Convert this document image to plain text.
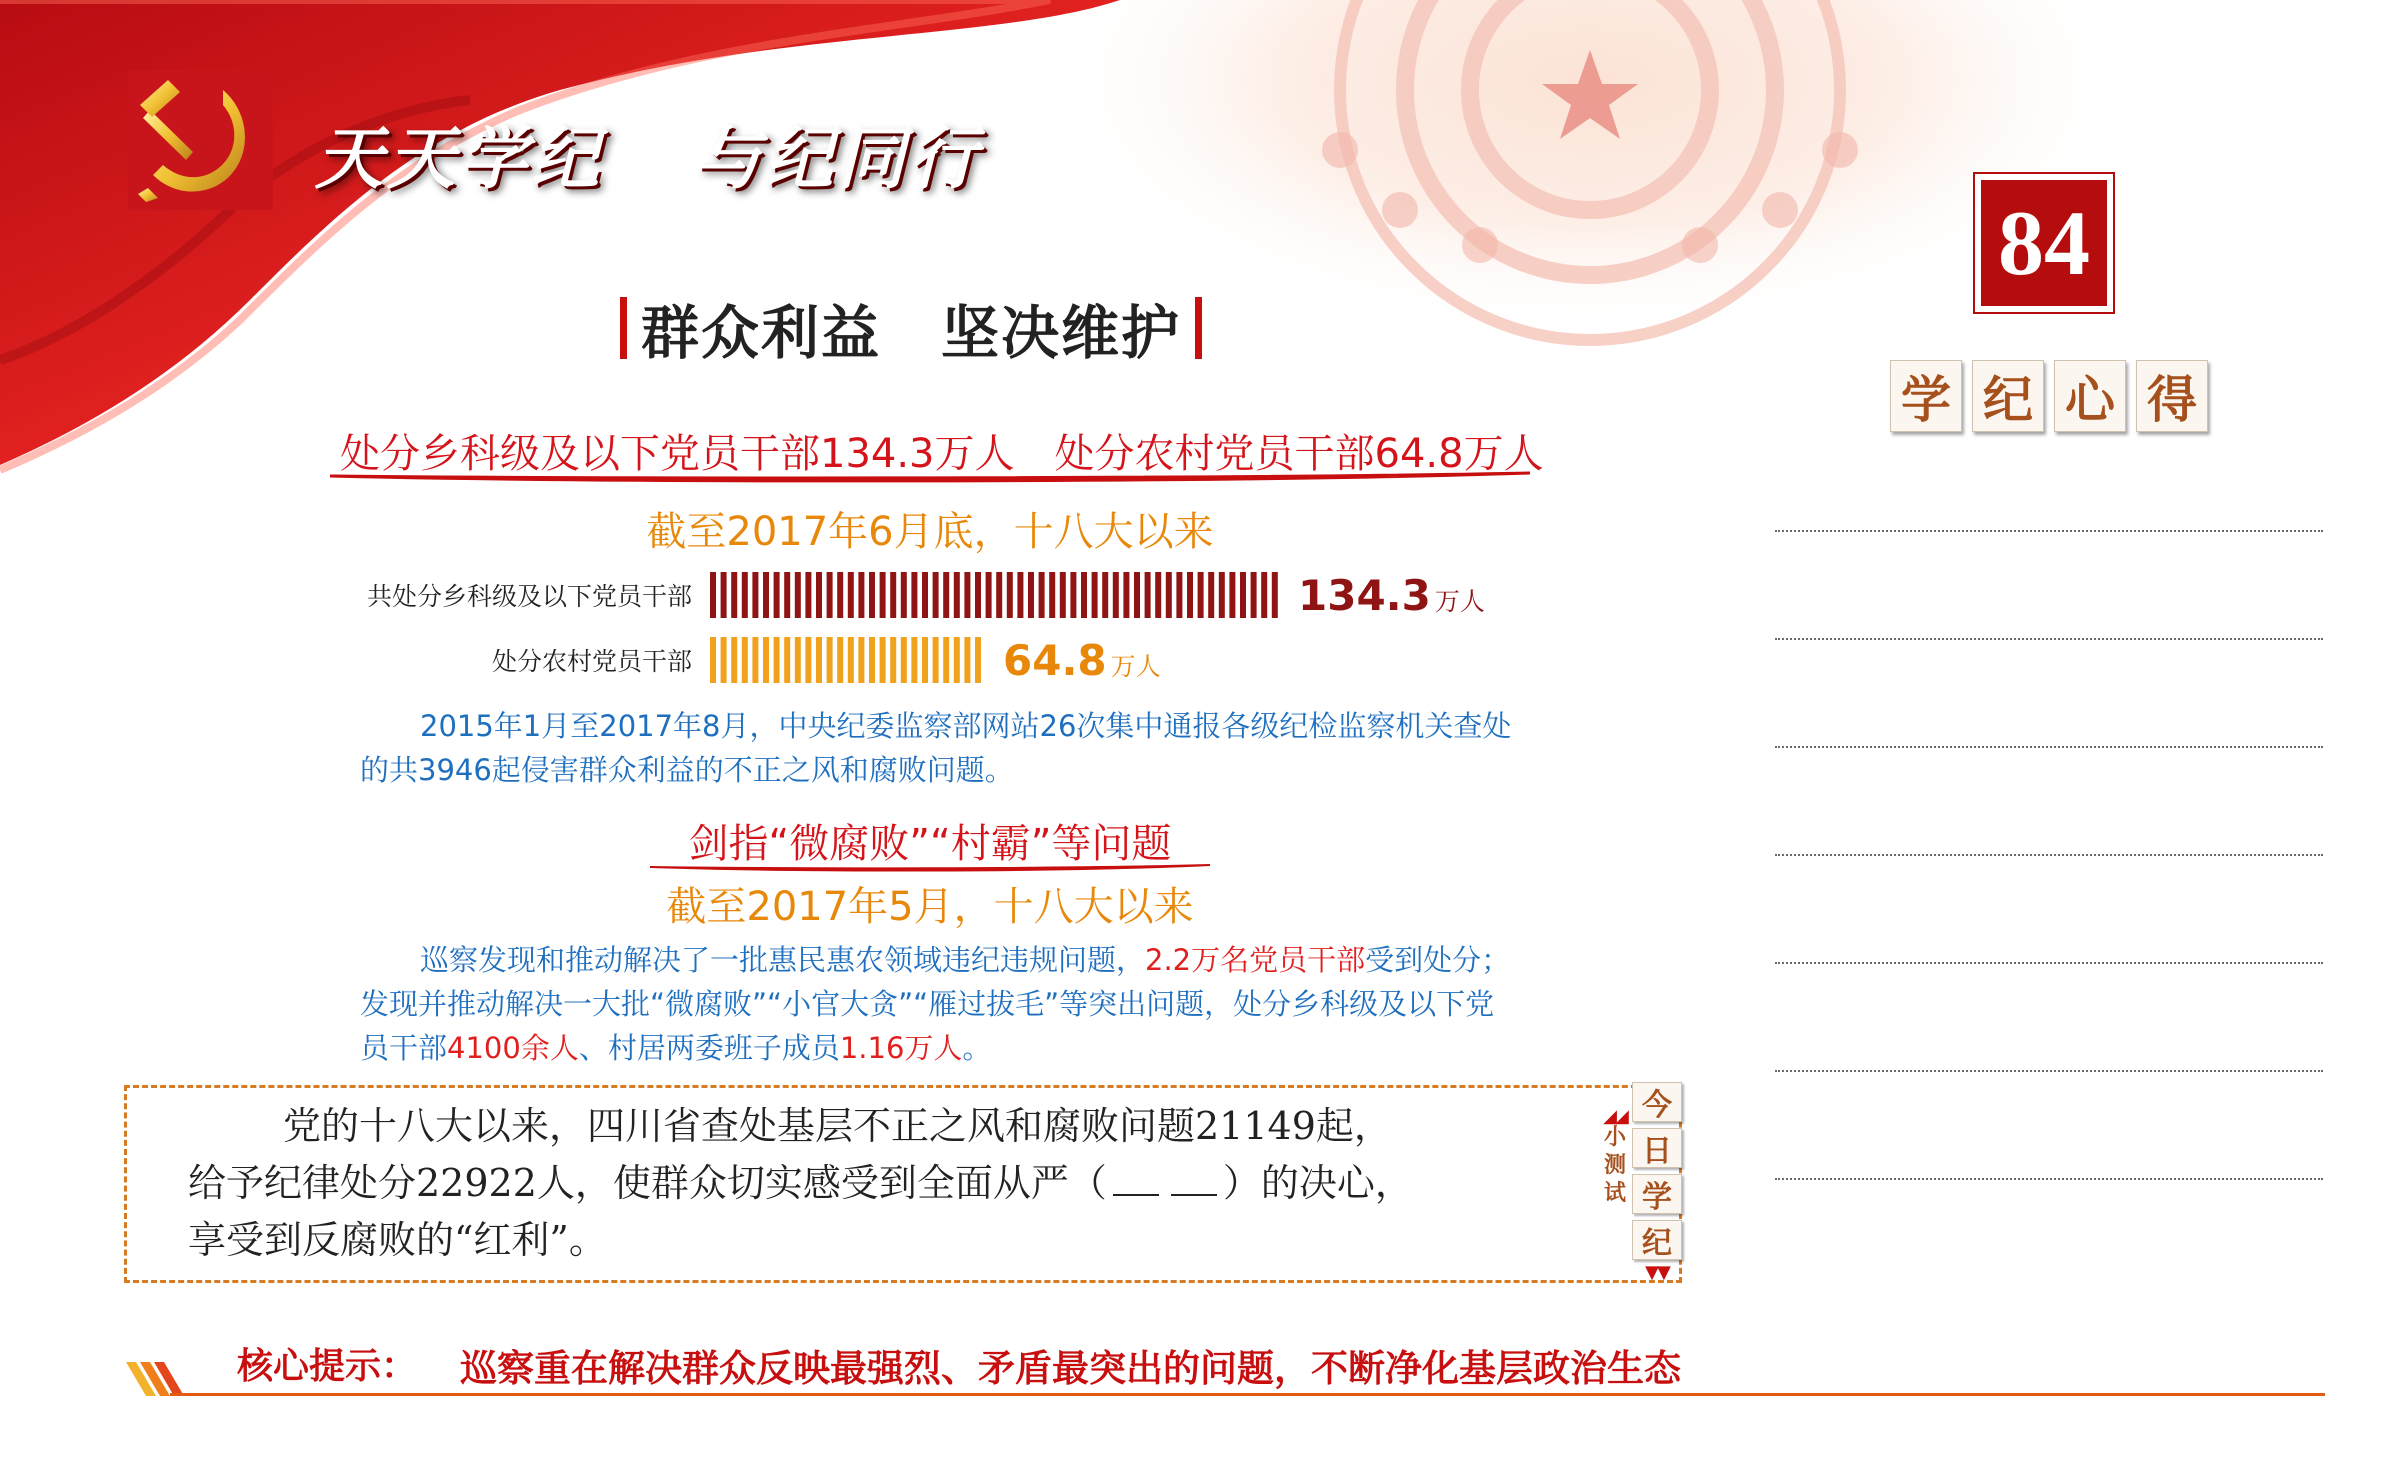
天天学纪 与纪同行
84
学 纪 心 得
群众利益　坚决维护
处分乡科级及以下党员干部134.3万人　处分农村党员干部64.8万人
截至2017年6月底，十八大以来
共处分乡科级及以下党员干部	134.3 万人
处分农村党员干部	64.8 万人
2015年1月至2017年8月，中央纪委监察部网站26次集中通报各级纪检监察机关查处的共3946起侵害群众利益的不正之风和腐败问题。
剑指“微腐败”“村霸”等问题
截至2017年5月，十八大以来
巡察发现和推动解决了一批惠民惠农领域违纪违规问题，2.2万名党员干部受到处分；发现并推动解决一大批“微腐败”“小官大贪”“雁过拔毛”等突出问题，处分乡科级及以下党员干部4100余人、村居两委班子成员1.16万人。
党的十八大以来，四川省查处基层不正之风和腐败问题21149起，
给予纪律处分22922人，使群众切实感受到全面从严（	）的决心，
享受到反腐败的“红利”。
◢◢
小
测
试
今
日
学
纪
▼▼
核心提示： 巡察重在解决群众反映最强烈、矛盾最突出的问题，不断净化基层政治生态
